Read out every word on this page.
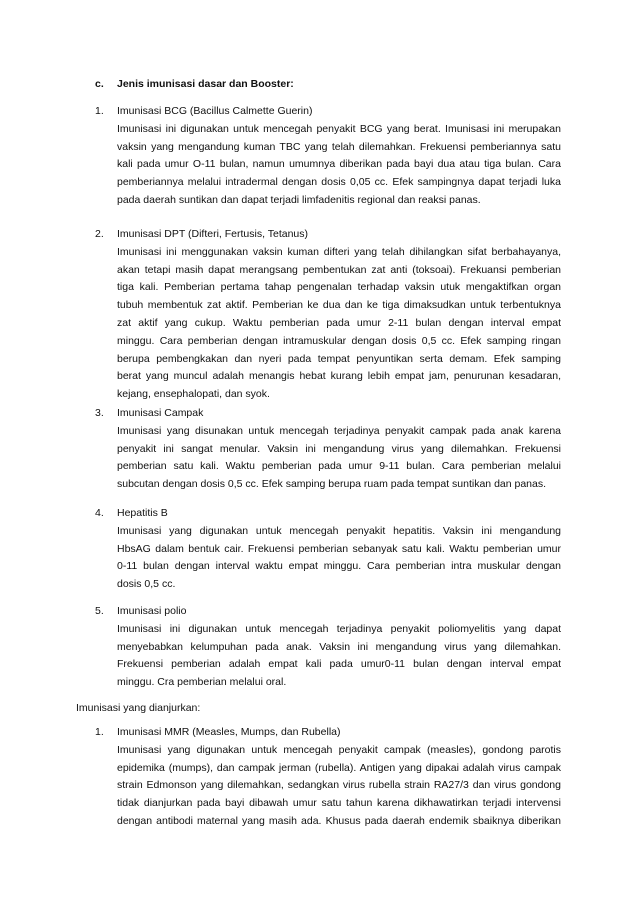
c. Jenis imunisasi dasar dan Booster:
1. Imunisasi BCG (Bacillus Calmette Guerin)
Imunisasi ini digunakan untuk mencegah penyakit BCG yang berat. Imunisasi ini merupakan
vaksin yang mengandung kuman TBC yang telah dilemahkan. Frekuensi pemberiannya satu
kali pada umur O-11 bulan, namun umumnya diberikan pada bayi dua atau tiga bulan. Cara
pemberiannya melalui intradermal dengan dosis 0,05 cc. Efek sampingnya dapat terjadi luka
pada daerah suntikan dan dapat terjadi limfadenitis regional dan reaksi panas.
2. Imunisasi DPT (Difteri, Fertusis, Tetanus)
Imunisasi ini menggunakan vaksin kuman difteri yang telah dihilangkan sifat berbahayanya,
akan tetapi masih dapat merangsang pembentukan zat anti (toksoai). Frekuansi pemberian
tiga kali. Pemberian pertama tahap pengenalan terhadap vaksin utuk mengaktifkan organ
tubuh membentuk zat aktif. Pemberian ke dua dan ke tiga dimaksudkan untuk terbentuknya
zat aktif yang cukup. Waktu pemberian pada umur 2-11 bulan dengan interval empat
minggu. Cara pemberian dengan intramuskular dengan dosis 0,5 cc. Efek samping ringan
berupa pembengkakan dan nyeri pada tempat penyuntikan serta demam. Efek samping
berat yang muncul adalah menangis hebat kurang lebih empat jam, penurunan kesadaran,
kejang, ensephalopati, dan syok.
3. Imunisasi Campak
Imunisasi yang disunakan untuk mencegah terjadinya penyakit campak pada anak karena
penyakit ini sangat menular. Vaksin ini mengandung virus yang dilemahkan. Frekuensi
pemberian satu kali. Waktu pemberian pada umur 9-11 bulan. Cara pemberian melalui
subcutan dengan dosis 0,5 cc. Efek samping berupa ruam pada tempat suntikan dan panas.
4. Hepatitis B
Imunisasi yang digunakan untuk mencegah penyakit hepatitis. Vaksin ini mengandung
HbsAG dalam bentuk cair. Frekuensi pemberian sebanyak satu kali. Waktu pemberian umur
0-11 bulan dengan interval waktu empat minggu. Cara pemberian intra muskular dengan
dosis 0,5 cc.
5. Imunisasi polio
Imunisasi ini digunakan untuk mencegah terjadinya penyakit poliomyelitis yang dapat
menyebabkan kelumpuhan pada anak. Vaksin ini mengandung virus yang dilemahkan.
Frekuensi pemberian adalah empat kali pada umur0-11 bulan dengan interval empat
minggu. Cra pemberian melalui oral.
Imunisasi yang dianjurkan:
1. Imunisasi MMR (Measles, Mumps, dan Rubella)
Imunisasi yang digunakan untuk mencegah penyakit campak (measles), gondong parotis
epidemika (mumps), dan campak jerman (rubella). Antigen yang dipakai adalah virus campak
strain Edmonson yang dilemahkan, sedangkan virus rubella strain RA27/3 dan virus gondong
tidak dianjurkan pada bayi dibawah umur satu tahun karena dikhawatirkan terjadi intervensi
dengan antibodi maternal yang masih ada. Khusus pada daerah endemik sbaiknya diberikan
